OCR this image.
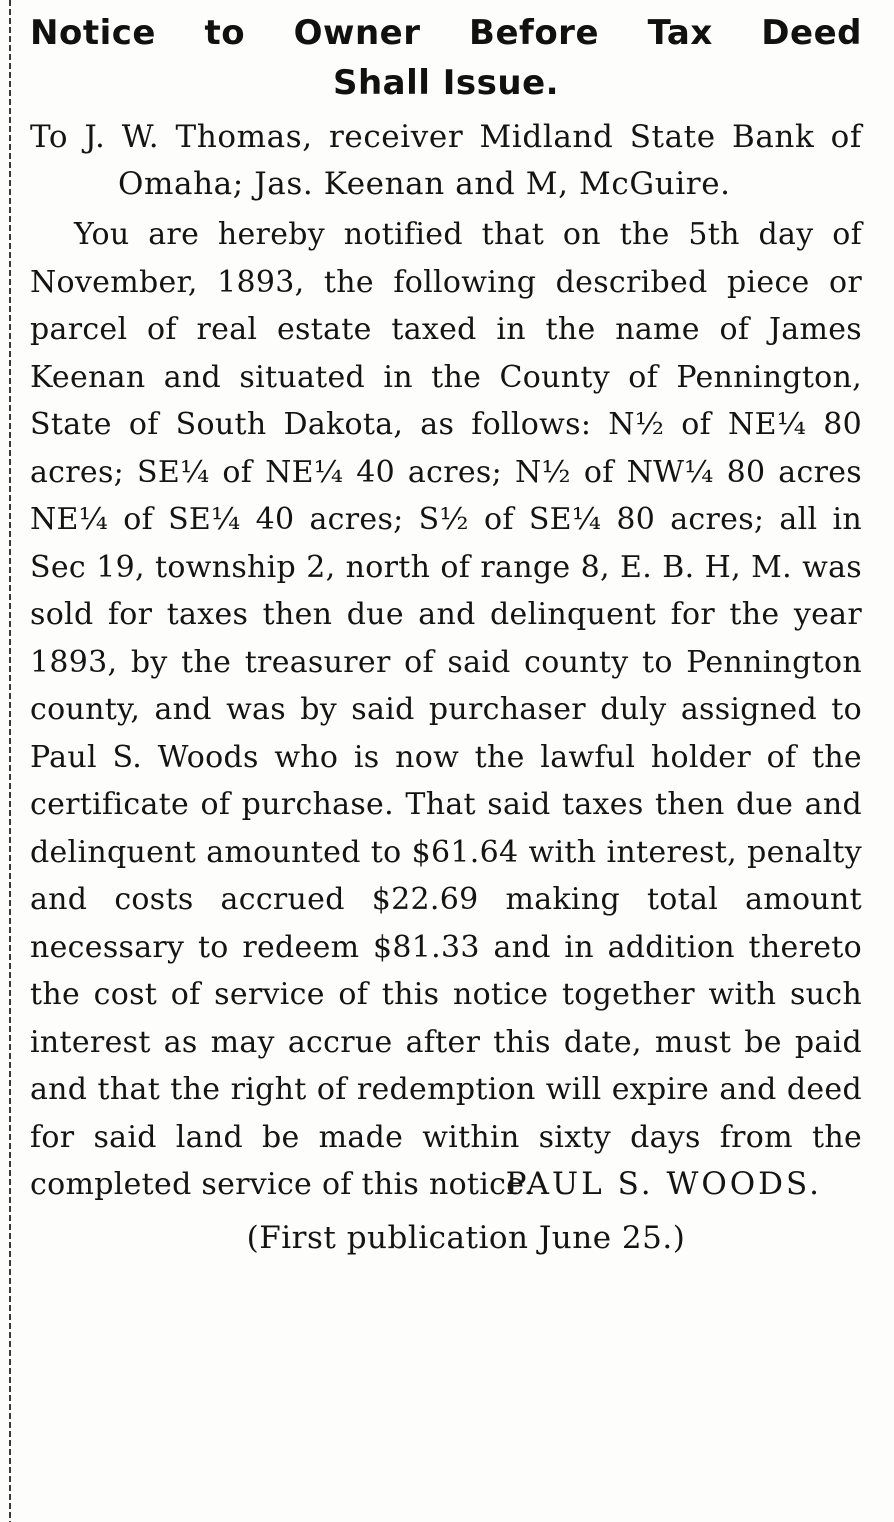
Notice to Owner Before Tax Deed
Shall Issue.

To J. W. Thomas, receiver Midland State Bank of Omaha; Jas. Keenan and M, McGuire.

You are hereby notified that on the 5th day of November, 1893, the following described piece or parcel of real estate taxed in the name of James Keenan and situated in the County of Pennington, State of South Dakota, as follows: N½ of NE¼ 80 acres; SE¼ of NE¼ 40 acres; N½ of NW¼ 80 acres NE¼ of SE¼ 40 acres; S½ of SE¼ 80 acres; all in Sec 19, township 2, north of range 8, E. B. H, M. was sold for taxes then due and delinquent for the year 1893, by the treasurer of said county to Pennington county, and was by said purchaser duly assigned to Paul S. Woods who is now the lawful holder of the certificate of purchase. That said taxes then due and delinquent amounted to $61.64 with interest, penalty and costs accrued $22.69 making total amount necessary to redeem $81.33 and in addition thereto the cost of service of this notice together with such interest as may accrue after this date, must be paid and that the right of redemption will expire and deed for said land be made within sixty days from the completed service of this notice.

PAUL S. WOODS.

(First publication June 25.)
